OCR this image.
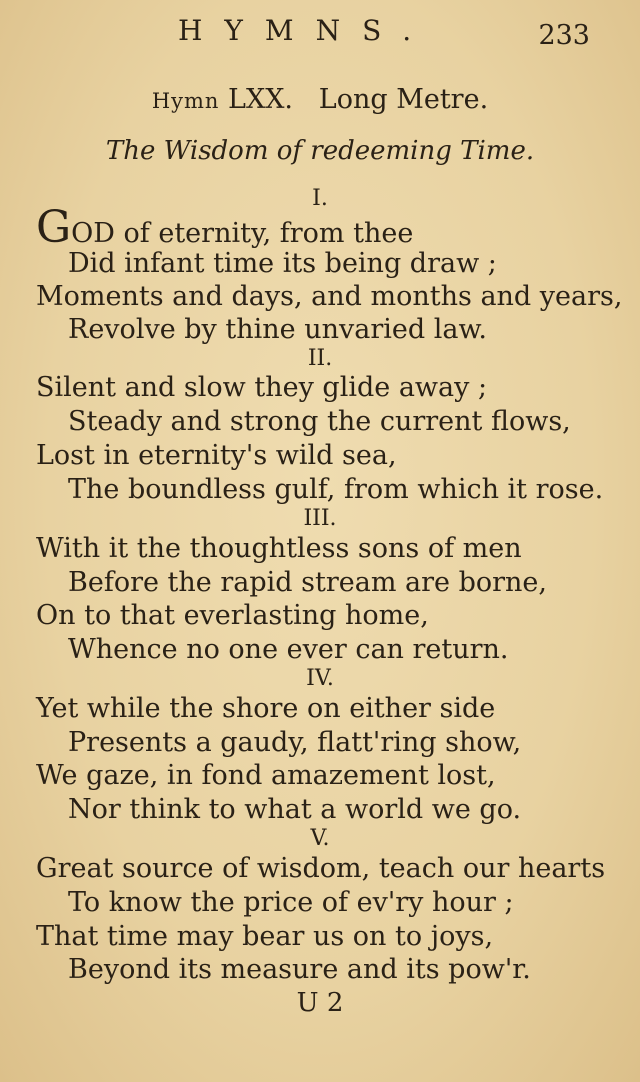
HYMNS.	233
Hymn LXX. Long Metre.
The Wisdom of redeeming Time.
I.
GOD of eternity, from thee
Did infant time its being draw ;
Moments and days, and months and years,
Revolve by thine unvaried law.
II.
Silent and slow they glide away ;
Steady and strong the current flows,
Lost in eternity's wild sea,
The boundless gulf, from which it rose.
III.
With it the thoughtless sons of men
Before the rapid stream are borne,
On to that everlasting home,
Whence no one ever can return.
IV.
Yet while the shore on either side
Presents a gaudy, flatt'ring show,
We gaze, in fond amazement lost,
Nor think to what a world we go.
V.
Great source of wisdom, teach our hearts
To know the price of ev'ry hour ;
That time may bear us on to joys,
Beyond its measure and its pow'r.
U 2
